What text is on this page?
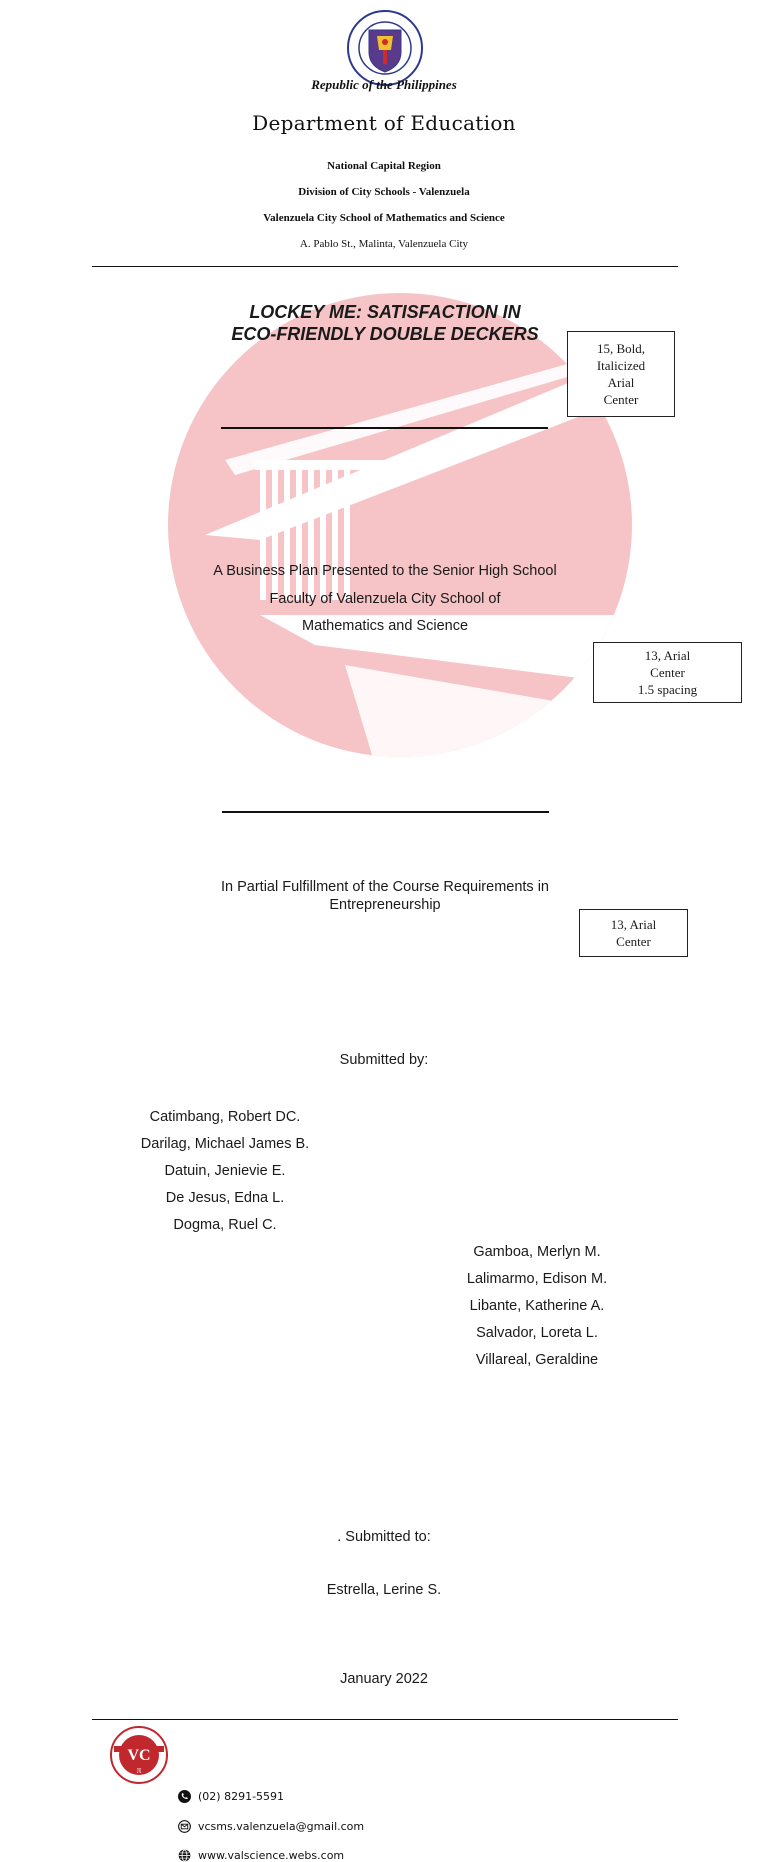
Republic of the Philippines
Department of Education
National Capital Region
Division of City Schools - Valenzuela
Valenzuela City School of Mathematics and Science
A. Pablo St., Malinta, Valenzuela City
LOCKEY ME: SATISFACTION IN
ECO-FRIENDLY DOUBLE DECKERS
15, Bold,
Italicized
Arial
Center
A Business Plan Presented to the Senior High School
Faculty of Valenzuela City School of
Mathematics and Science
13, Arial
Center
1.5 spacing
In Partial Fulfillment of the Course Requirements in
Entrepreneurship
13, Arial
Center
Submitted by:
Catimbang, Robert DC.
Darilag, Michael James B.
Datuin, Jenievie E.
De Jesus, Edna L.
Dogma, Ruel C.
Gamboa, Merlyn M.
Lalimarmo, Edison M.
Libante, Katherine A.
Salvador, Loreta L.
Villareal, Geraldine
. Submitted to:
Estrella, Lerine S.
January 2022
VC
π
(02) 8291-5591
vcsms.valenzuela@gmail.com
www.valscience.webs.com
